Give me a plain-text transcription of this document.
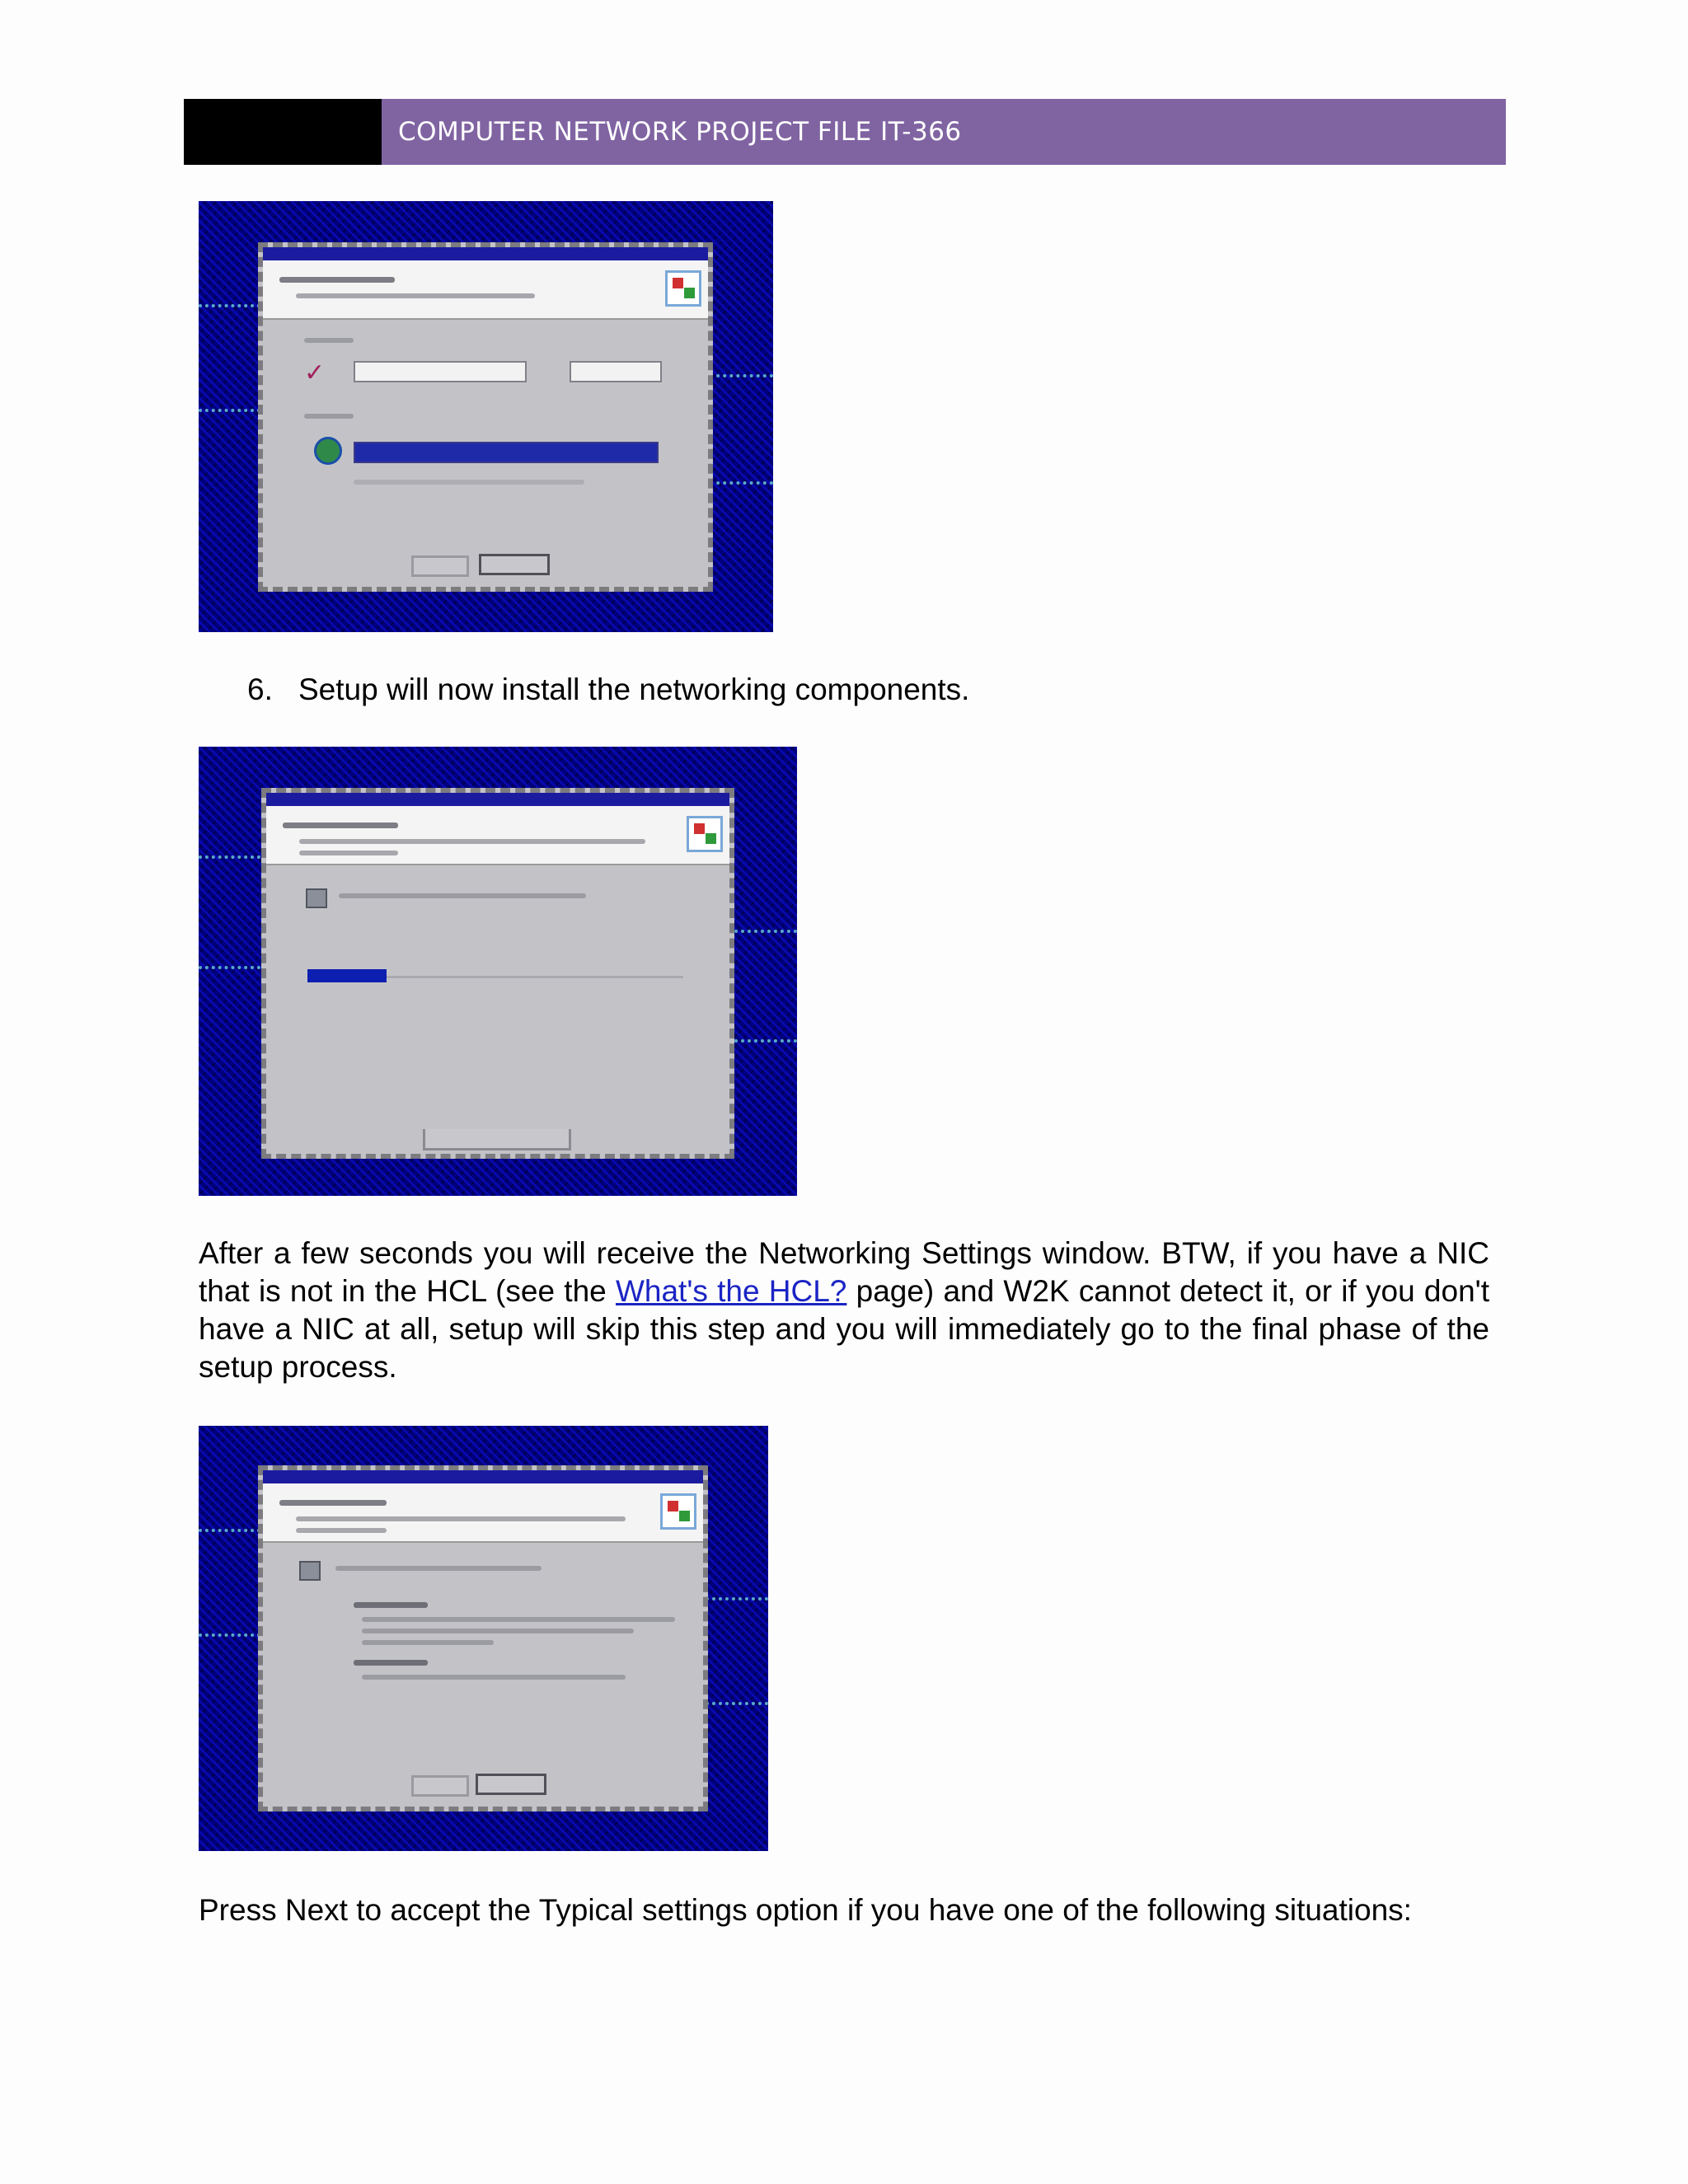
COMPUTER NETWORK PROJECT FILE IT-366
✓
6. Setup will now install the networking components.
After a few seconds you will receive the Networking Settings window. BTW, if you have a NIC that is not in the HCL (see the What's the HCL? page) and W2K cannot detect it, or if you don't have a NIC at all, setup will skip this step and you will immediately go to the final phase of the setup process.
Press Next to accept the Typical settings option if you have one of the following situations:
